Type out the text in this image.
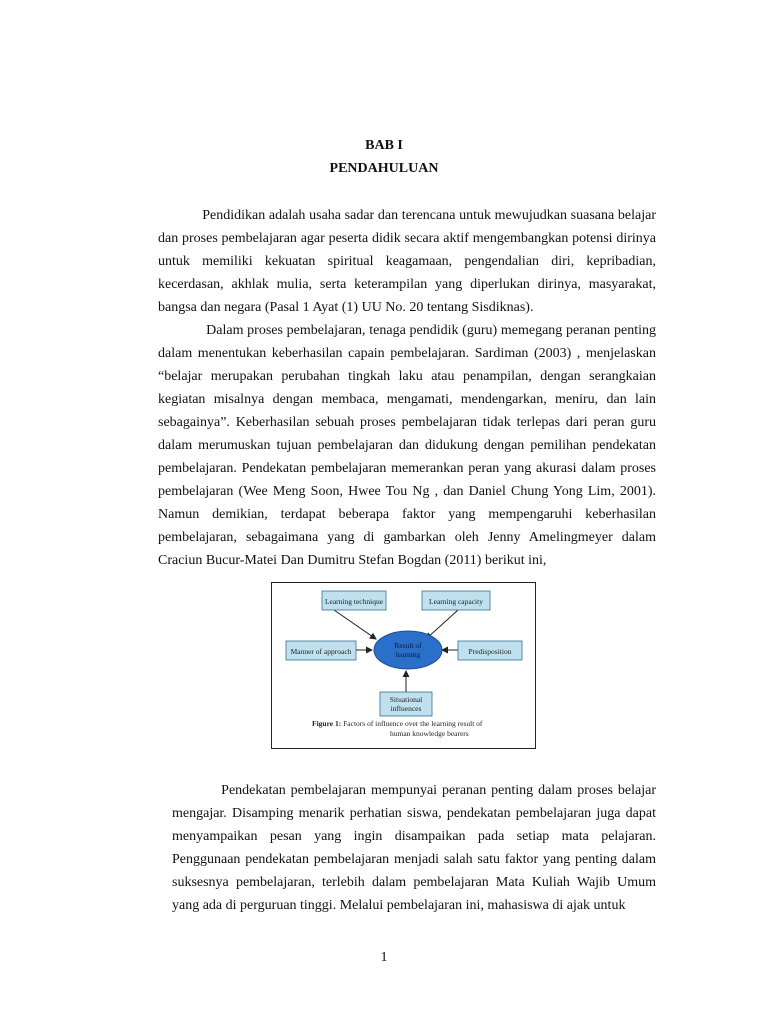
BAB I
PENDAHULUAN

Pendidikan adalah usaha sadar dan terencana untuk mewujudkan suasana belajar dan proses pembelajaran agar peserta didik secara aktif mengembangkan potensi dirinya untuk memiliki kekuatan spiritual keagamaan, pengendalian diri, kepribadian, kecerdasan, akhlak mulia, serta keterampilan yang diperlukan dirinya, masyarakat, bangsa dan negara (Pasal 1 Ayat (1) UU No. 20 tentang Sisdiknas).

Dalam proses pembelajaran, tenaga pendidik (guru) memegang peranan penting dalam menentukan keberhasilan capain pembelajaran. Sardiman (2003) , menjelaskan “belajar merupakan perubahan tingkah laku atau penampilan, dengan serangkaian kegiatan misalnya dengan membaca, mengamati, mendengarkan, meniru, dan lain sebagainya”. Keberhasilan sebuah proses pembelajaran tidak terlepas dari peran guru dalam merumuskan tujuan pembelajaran dan didukung dengan pemilihan pendekatan pembelajaran. Pendekatan pembelajaran memerankan peran yang akurasi dalam proses pembelajaran (Wee Meng Soon, Hwee Tou Ng , dan Daniel Chung Yong Lim, 2001). Namun demikian, terdapat beberapa faktor yang mempengaruhi keberhasilan pembelajaran, sebagaimana yang di gambarkan oleh Jenny Amelingmeyer dalam Craciun Bucur-Matei Dan Dumitru Stefan Bogdan (2011) berikut ini,

Learning technique	Learning capacity
Manner of approach	Predisposition
Situational
influences
Result of
learning
Figure 1: Factors of influence over the learning result of
human knowledge bearers

Pendekatan pembelajaran mempunyai peranan penting dalam proses belajar mengajar. Disamping menarik perhatian siswa, pendekatan pembelajaran juga dapat menyampaikan pesan yang ingin disampaikan pada setiap mata pelajaran. Penggunaan pendekatan pembelajaran menjadi salah satu faktor yang penting dalam suksesnya pembelajaran, terlebih dalam pembelajaran Mata Kuliah Wajib Umum yang ada di perguruan tinggi. Melalui pembelajaran ini, mahasiswa di ajak untuk

1
